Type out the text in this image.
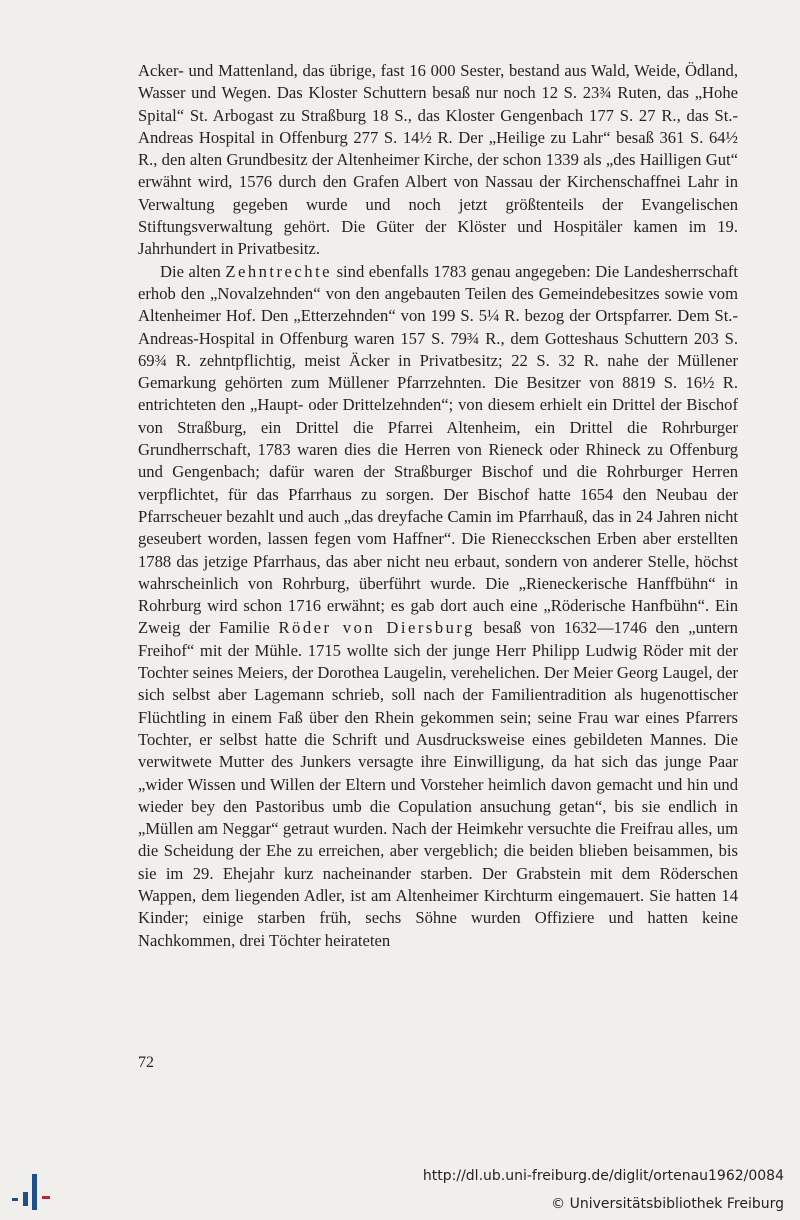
Acker- und Mattenland, das übrige, fast 16 000 Sester, bestand aus Wald, Weide, Ödland, Wasser und Wegen. Das Kloster Schuttern besaß nur noch 12 S. 23¾ Ruten, das „Hohe Spital“ St. Arbogast zu Straßburg 18 S., das Kloster Gengenbach 177 S. 27 R., das St.-Andreas Hospital in Offenburg 277 S. 14½ R. Der „Heilige zu Lahr“ besaß 361 S. 64½ R., den alten Grundbesitz der Altenheimer Kirche, der schon 1339 als „des Hailligen Gut“ erwähnt wird, 1576 durch den Grafen Albert von Nassau der Kirchenschaffnei Lahr in Verwaltung gegeben wurde und noch jetzt größtenteils der Evangelischen Stiftungsverwaltung gehört. Die Güter der Klöster und Hospitäler kamen im 19. Jahrhundert in Privatbesitz.

Die alten Zehntrechte sind ebenfalls 1783 genau angegeben: Die Landesherrschaft erhob den „Novalzehnden“ von den angebauten Teilen des Gemeindebesitzes sowie vom Altenheimer Hof. Den „Etterzehnden“ von 199 S. 5¼ R. bezog der Ortspfarrer. Dem St.-Andreas-Hospital in Offenburg waren 157 S. 79¾ R., dem Gotteshaus Schuttern 203 S. 69¾ R. zehntpflichtig, meist Äcker in Privatbesitz; 22 S. 32 R. nahe der Müllener Gemarkung gehörten zum Müllener Pfarrzehnten. Die Besitzer von 8819 S. 16½ R. entrichteten den „Haupt- oder Drittelzehnden“; von diesem erhielt ein Drittel der Bischof von Straßburg, ein Drittel die Pfarrei Altenheim, ein Drittel die Rohrburger Grundherrschaft, 1783 waren dies die Herren von Rieneck oder Rhineck zu Offenburg und Gengenbach; dafür waren der Straßburger Bischof und die Rohrburger Herren verpflichtet, für das Pfarrhaus zu sorgen. Der Bischof hatte 1654 den Neubau der Pfarrscheuer bezahlt und auch „das dreyfache Camin im Pfarrhauß, das in 24 Jahren nicht geseubert worden, lassen fegen vom Haffner“. Die Rienecckschen Erben aber erstellten 1788 das jetzige Pfarrhaus, das aber nicht neu erbaut, sondern von anderer Stelle, höchst wahrscheinlich von Rohrburg, überführt wurde. Die „Rieneckerische Hanffbühn“ in Rohrburg wird schon 1716 erwähnt; es gab dort auch eine „Röderische Hanfbühn“. Ein Zweig der Familie Röder von Diersburg besaß von 1632—1746 den „untern Freihof“ mit der Mühle. 1715 wollte sich der junge Herr Philipp Ludwig Röder mit der Tochter seines Meiers, der Dorothea Laugelin, verehelichen. Der Meier Georg Laugel, der sich selbst aber Lagemann schrieb, soll nach der Familientradition als hugenottischer Flüchtling in einem Faß über den Rhein gekommen sein; seine Frau war eines Pfarrers Tochter, er selbst hatte die Schrift und Ausdrucksweise eines gebildeten Mannes. Die verwitwete Mutter des Junkers versagte ihre Einwilligung, da hat sich das junge Paar „wider Wissen und Willen der Eltern und Vorsteher heimlich davon gemacht und hin und wieder bey den Pastoribus umb die Copulation ansuchung getan“, bis sie endlich in „Müllen am Neggar“ getraut wurden. Nach der Heimkehr versuchte die Freifrau alles, um die Scheidung der Ehe zu erreichen, aber vergeblich; die beiden blieben beisammen, bis sie im 29. Ehejahr kurz nacheinander starben. Der Grabstein mit dem Röderschen Wappen, dem liegenden Adler, ist am Altenheimer Kirchturm eingemauert. Sie hatten 14 Kinder; einige starben früh, sechs Söhne wurden Offiziere und hatten keine Nachkommen, drei Töchter heirateten

72
http://dl.ub.uni-freiburg.de/diglit/ortenau1962/0084
© Universitätsbibliothek Freiburg
